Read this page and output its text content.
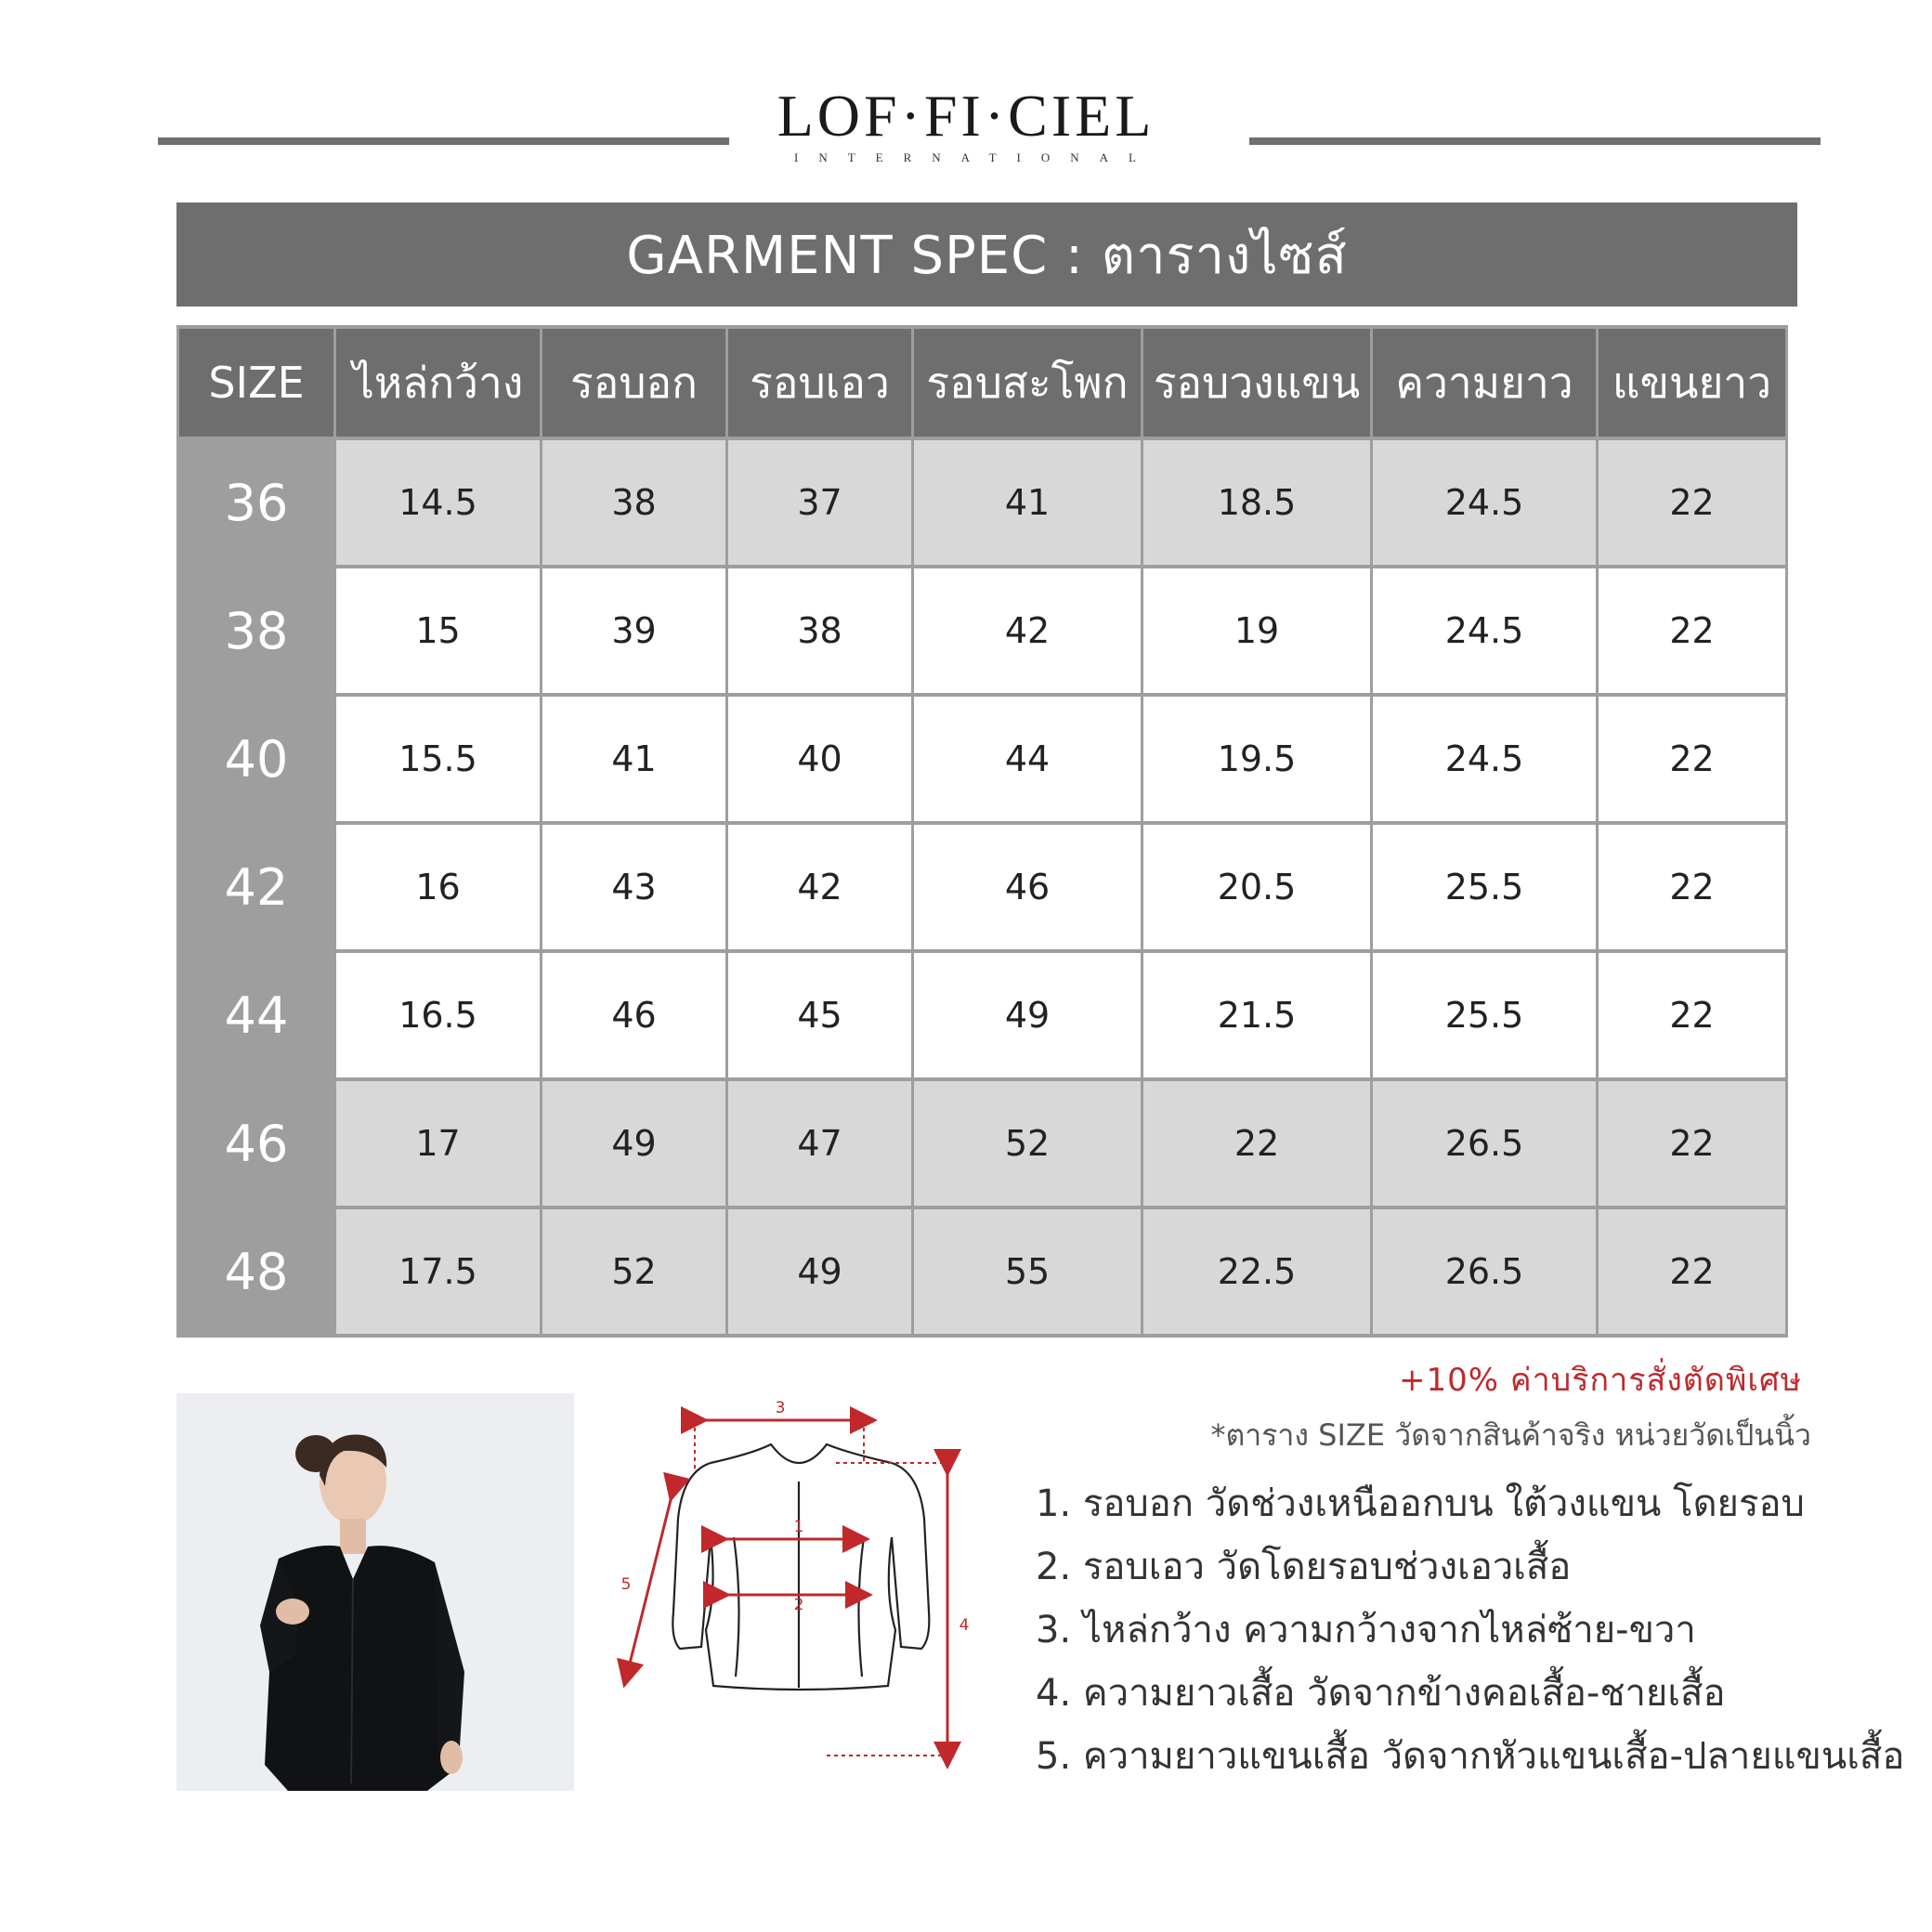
LOF·FI·CIEL
INTERNATIONAL
GARMENT SPEC : ตารางไซส์
SIZE	ไหล่กว้าง	รอบอก	รอบเอว	รอบสะโพก	รอบวงแขน	ความยาว	แขนยาว
36	14.5	38	37	41	18.5	24.5	22
38	15	39	38	42	19	24.5	22
40	15.5	41	40	44	19.5	24.5	22
42	16	43	42	46	20.5	25.5	22
44	16.5	46	45	49	21.5	25.5	22
46	17	49	47	52	22	26.5	22
48	17.5	52	49	55	22.5	26.5	22
1
2
3
4
5
+10% ค่าบริการสั่งตัดพิเศษ
*ตาราง SIZE วัดจากสินค้าจริง หน่วยวัดเป็นนิ้ว
1. รอบอก วัดช่วงเหนืออกบน ใต้วงแขน โดยรอบ
2. รอบเอว วัดโดยรอบช่วงเอวเสื้อ
3. ไหล่กว้าง ความกว้างจากไหล่ซ้าย-ขวา
4. ความยาวเสื้อ วัดจากข้างคอเสื้อ-ชายเสื้อ
5. ความยาวแขนเสื้อ วัดจากหัวแขนเสื้อ-ปลายแขนเสื้อ
